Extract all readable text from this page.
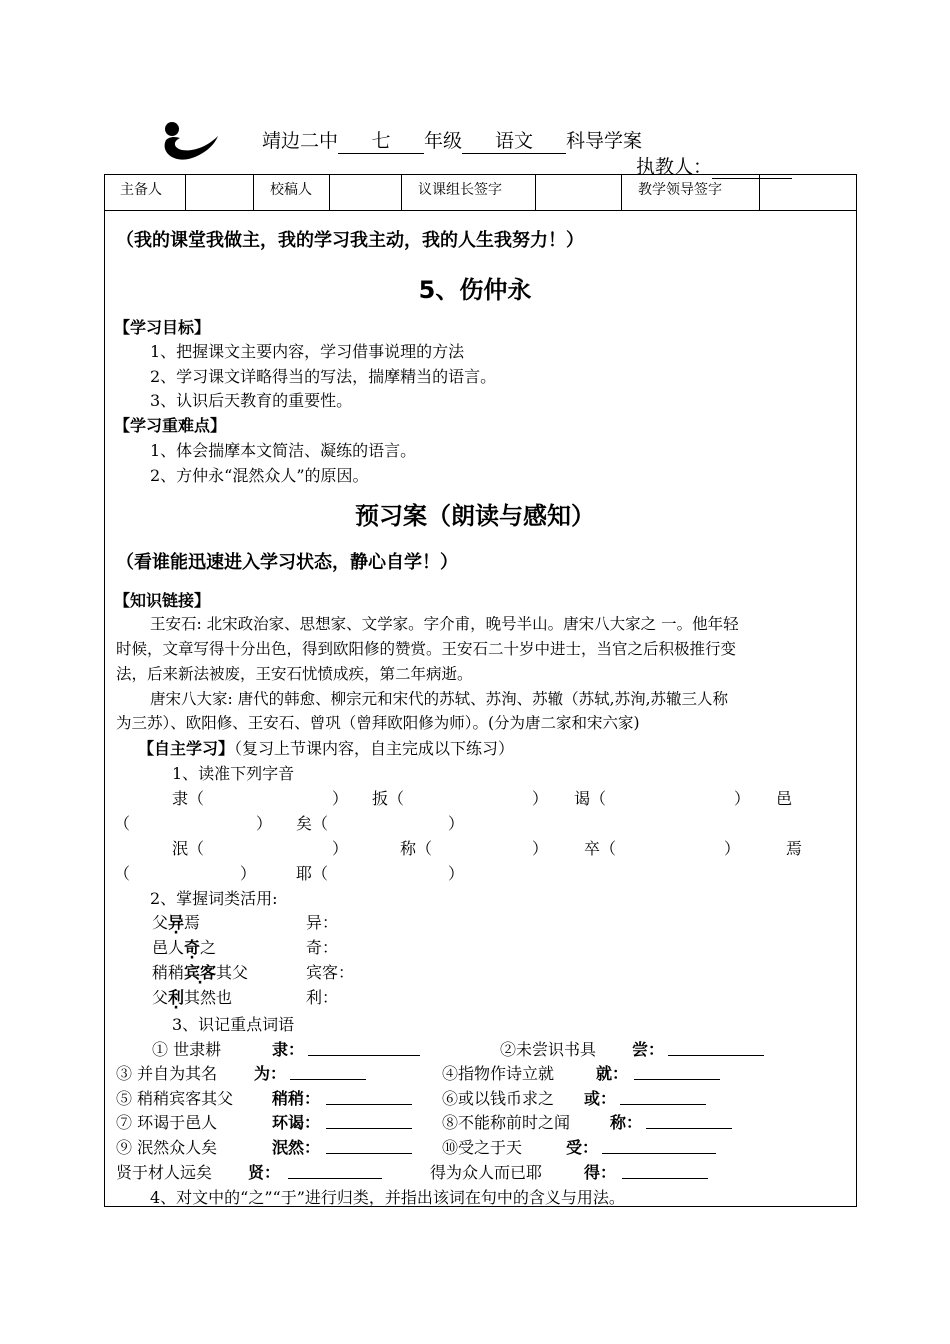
靖边二中 七 年级 语文 科导学案
执教人：
主备人	校稿人	议课组长签字	教学领导签字
（我的课堂我做主，我的学习我主动，我的人生我努力！）
5、伤仲永
【学习目标】
1、把握课文主要内容，学习借事说理的方法
2、学习课文详略得当的写法，揣摩精当的语言。
3、认识后天教育的重要性。
【学习重难点】
1、体会揣摩本文简洁、凝练的语言。
2、方仲永“混然众人”的原因。
预习案（朗读与感知）
（看谁能迅速进入学习状态，静心自学！）
【知识链接】
王安石: 北宋政治家、思想家、文学家。字介甫，晚号半山。唐宋八大家之 一。他年轻
时候，文章写得十分出色，得到欧阳修的赞赏。王安石二十岁中进士，当官之后积极推行变
法，后来新法被废，王安石忧愤成疾，第二年病逝。
唐宋八大家: 唐代的韩愈、柳宗元和宋代的苏轼、苏洵、苏辙（苏轼,苏洵,苏辙三人称
为三苏）、欧阳修、王安石、曾巩（曾拜欧阳修为师）。(分为唐二家和宋六家)
【自主学习】（复习上节课内容，自主完成以下练习）
1、读准下列字音
隶（	） 扳（	） 谒（	） 邑
（	） 矣（	）
泯（	）	称（	） 卒（	）	焉
（	） 耶（	）
2、掌握词类活用:
父异焉	异：
邑人奇之	奇：
稍稍宾客其父	宾客：
父利其然也	利：
3、识记重点词语
① 世隶耕	隶：	②未尝识书具 尝：
③ 并自为其名 为：	④指物作诗立就	就：
⑤ 稍稍宾客其父 稍稍：	⑥或以钱币求之 或：
⑦ 环谒于邑人	环谒：	⑧不能称前时之闻 称：
⑨ 泯然众人矣	泯然：	⑩受之于天	受：
贤于材人远矣 贤：	得为众人而已耶	得：
4、对文中的“之”“于”进行归类，并指出该词在句中的含义与用法。
